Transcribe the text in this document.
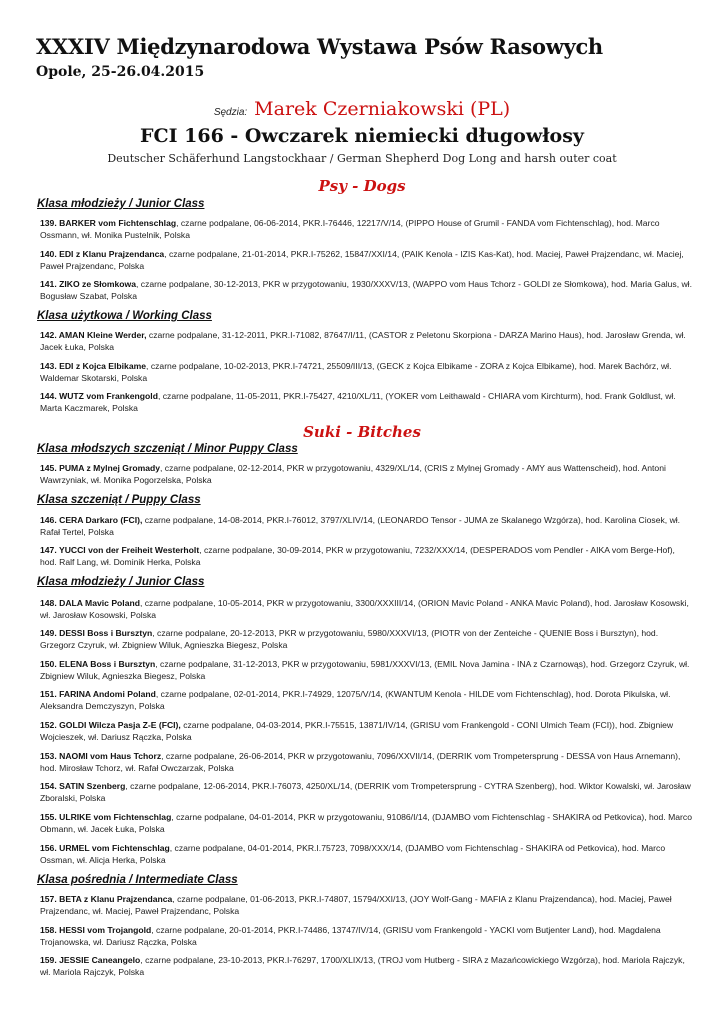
XXXIV Międzynarodowa Wystawa Psów Rasowych
Opole, 25-26.04.2015
Sędzia: Marek Czerniakowski (PL)
FCI 166 - Owczarek niemiecki długowłosy
Deutscher Schäferhund Langstockhaar / German Shepherd Dog Long and harsh outer coat
Psy - Dogs
Klasa młodzieży / Junior Class
139. BARKER vom Fichtenschlag, czarne podpalane, 06-06-2014, PKR.I-76446, 12217/V/14, (PIPPO House of Grumil - FANDA vom Fichtenschlag), hod. Marco Ossmann, wł. Monika Pustelnik, Polska
140. EDI z Klanu Prajzendanca, czarne podpalane, 21-01-2014, PKR.I-75262, 15847/XXI/14, (PAIK Kenola - IZIS Kas-Kat), hod. Maciej, Paweł Prajzendanc, wł. Maciej, Paweł Prajzendanc, Polska
141. ZIKO ze Słomkowa, czarne podpalane, 30-12-2013, PKR w przygotowaniu, 1930/XXXV/13, (WAPPO vom Haus Tchorz - GOLDI ze Słomkowa), hod. Maria Galus, wł. Bogusław Szabat, Polska
Klasa użytkowa / Working Class
142. AMAN Kleine Werder, czarne podpalane, 31-12-2011, PKR.I-71082, 87647/I/11, (CASTOR z Peletonu Skorpiona - DARZA Marino Haus), hod. Jarosław Grenda, wł. Jacek Łuka, Polska
143. EDI z Kojca Elbikame, czarne podpalane, 10-02-2013, PKR.I-74721, 25509/III/13, (GECK z Kojca Elbikame - ZORA z Kojca Elbikame), hod. Marek Bachórz, wł. Waldemar Skotarski, Polska
144. WUTZ vom Frankengold, czarne podpalane, 11-05-2011, PKR.I-75427, 4210/XL/11, (YOKER vom Leithawald - CHIARA vom Kirchturm), hod. Frank Goldlust, wł. Marta Kaczmarek, Polska
Suki - Bitches
Klasa młodszych szczeniąt / Minor Puppy Class
145. PUMA z Mylnej Gromady, czarne podpalane, 02-12-2014, PKR w przygotowaniu, 4329/XL/14, (CRIS z Mylnej Gromady - AMY aus Wattenscheid), hod. Antoni Wawrzyniak, wł. Monika Pogorzelska, Polska
Klasa szczeniąt / Puppy Class
146. CERA Darkaro (FCI), czarne podpalane, 14-08-2014, PKR.I-76012, 3797/XLIV/14, (LEONARDO Tensor - JUMA ze Skalanego Wzgórza), hod. Karolina Ciosek, wł. Rafał Tertel, Polska
147. YUCCI von der Freiheit Westerholt, czarne podpalane, 30-09-2014, PKR w przygotowaniu, 7232/XXX/14, (DESPERADOS vom Pendler - AIKA vom Berge-Hof), hod. Ralf Lang, wł. Dominik Herka, Polska
Klasa młodzieży / Junior Class
148. DALA Mavic Poland, czarne podpalane, 10-05-2014, PKR w przygotowaniu, 3300/XXXIII/14, (ORION Mavic Poland - ANKA Mavic Poland), hod. Jarosław Kosowski, wł. Jarosław Kosowski, Polska
149. DESSI Boss i Bursztyn, czarne podpalane, 20-12-2013, PKR w przygotowaniu, 5980/XXXVI/13, (PIOTR von der Zenteiche - QUENIE Boss i Bursztyn), hod. Grzegorz Czyruk, wł. Zbigniew Wiluk, Agnieszka Biegesz, Polska
150. ELENA Boss i Bursztyn, czarne podpalane, 31-12-2013, PKR w przygotowaniu, 5981/XXXVI/13, (EMIL Nova Jamina - INA z Czarnowąs), hod. Grzegorz Czyruk, wł. Zbigniew Wiluk, Agnieszka Biegesz, Polska
151. FARINA Andomi Poland, czarne podpalane, 02-01-2014, PKR.I-74929, 12075/V/14, (KWANTUM Kenola - HILDE vom Fichtenschlag), hod. Dorota Pikulska, wł. Aleksandra Demczyszyn, Polska
152. GOLDI Wilcza Pasja Z-E (FCI), czarne podpalane, 04-03-2014, PKR.I-75515, 13871/IV/14, (GRISU vom Frankengold - CONI Ulmich Team (FCI)), hod. Zbigniew Wojcieszek, wł. Dariusz Rączka, Polska
153. NAOMI vom Haus Tchorz, czarne podpalane, 26-06-2014, PKR w przygotowaniu, 7096/XXVII/14, (DERRIK vom Trompetersprung - DESSA von Haus Arnemann), hod. Mirosław Tchorz, wł. Rafał Owczarzak, Polska
154. SATIN Szenberg, czarne podpalane, 12-06-2014, PKR.I-76073, 4250/XL/14, (DERRIK vom Trompetersprung - CYTRA Szenberg), hod. Wiktor Kowalski, wł. Jarosław Zboralski, Polska
155. ULRIKE vom Fichtenschlag, czarne podpalane, 04-01-2014, PKR w przygotowaniu, 91086/I/14, (DJAMBO vom Fichtenschlag - SHAKIRA od Petkovica), hod. Marco Obmann, wł. Jacek Łuka, Polska
156. URMEL vom Fichtenschlag, czarne podpalane, 04-01-2014, PKR.I.75723, 7098/XXX/14, (DJAMBO vom Fichtenschlag - SHAKIRA od Petkovica), hod. Marco Ossman, wł. Alicja Herka, Polska
Klasa pośrednia / Intermediate Class
157. BETA z Klanu Prajzendanca, czarne podpalane, 01-06-2013, PKR.I-74807, 15794/XXI/13, (JOY Wolf-Gang - MAFIA z Klanu Prajzendanca), hod. Maciej, Paweł Prajzendanc, wł. Maciej, Paweł Prajzendanc, Polska
158. HESSI vom Trojangold, czarne podpalane, 20-01-2014, PKR.I-74486, 13747/IV/14, (GRISU vom Frankengold - YACKI vom Butjenter Land), hod. Magdalena Trojanowska, wł. Dariusz Rączka, Polska
159. JESSIE Caneangelo, czarne podpalane, 23-10-2013, PKR.I-76297, 1700/XLIX/13, (TROJ vom Hutberg - SIRA z Mazańcowickiego Wzgórza), hod. Mariola Rajczyk, wł. Mariola Rajczyk, Polska
